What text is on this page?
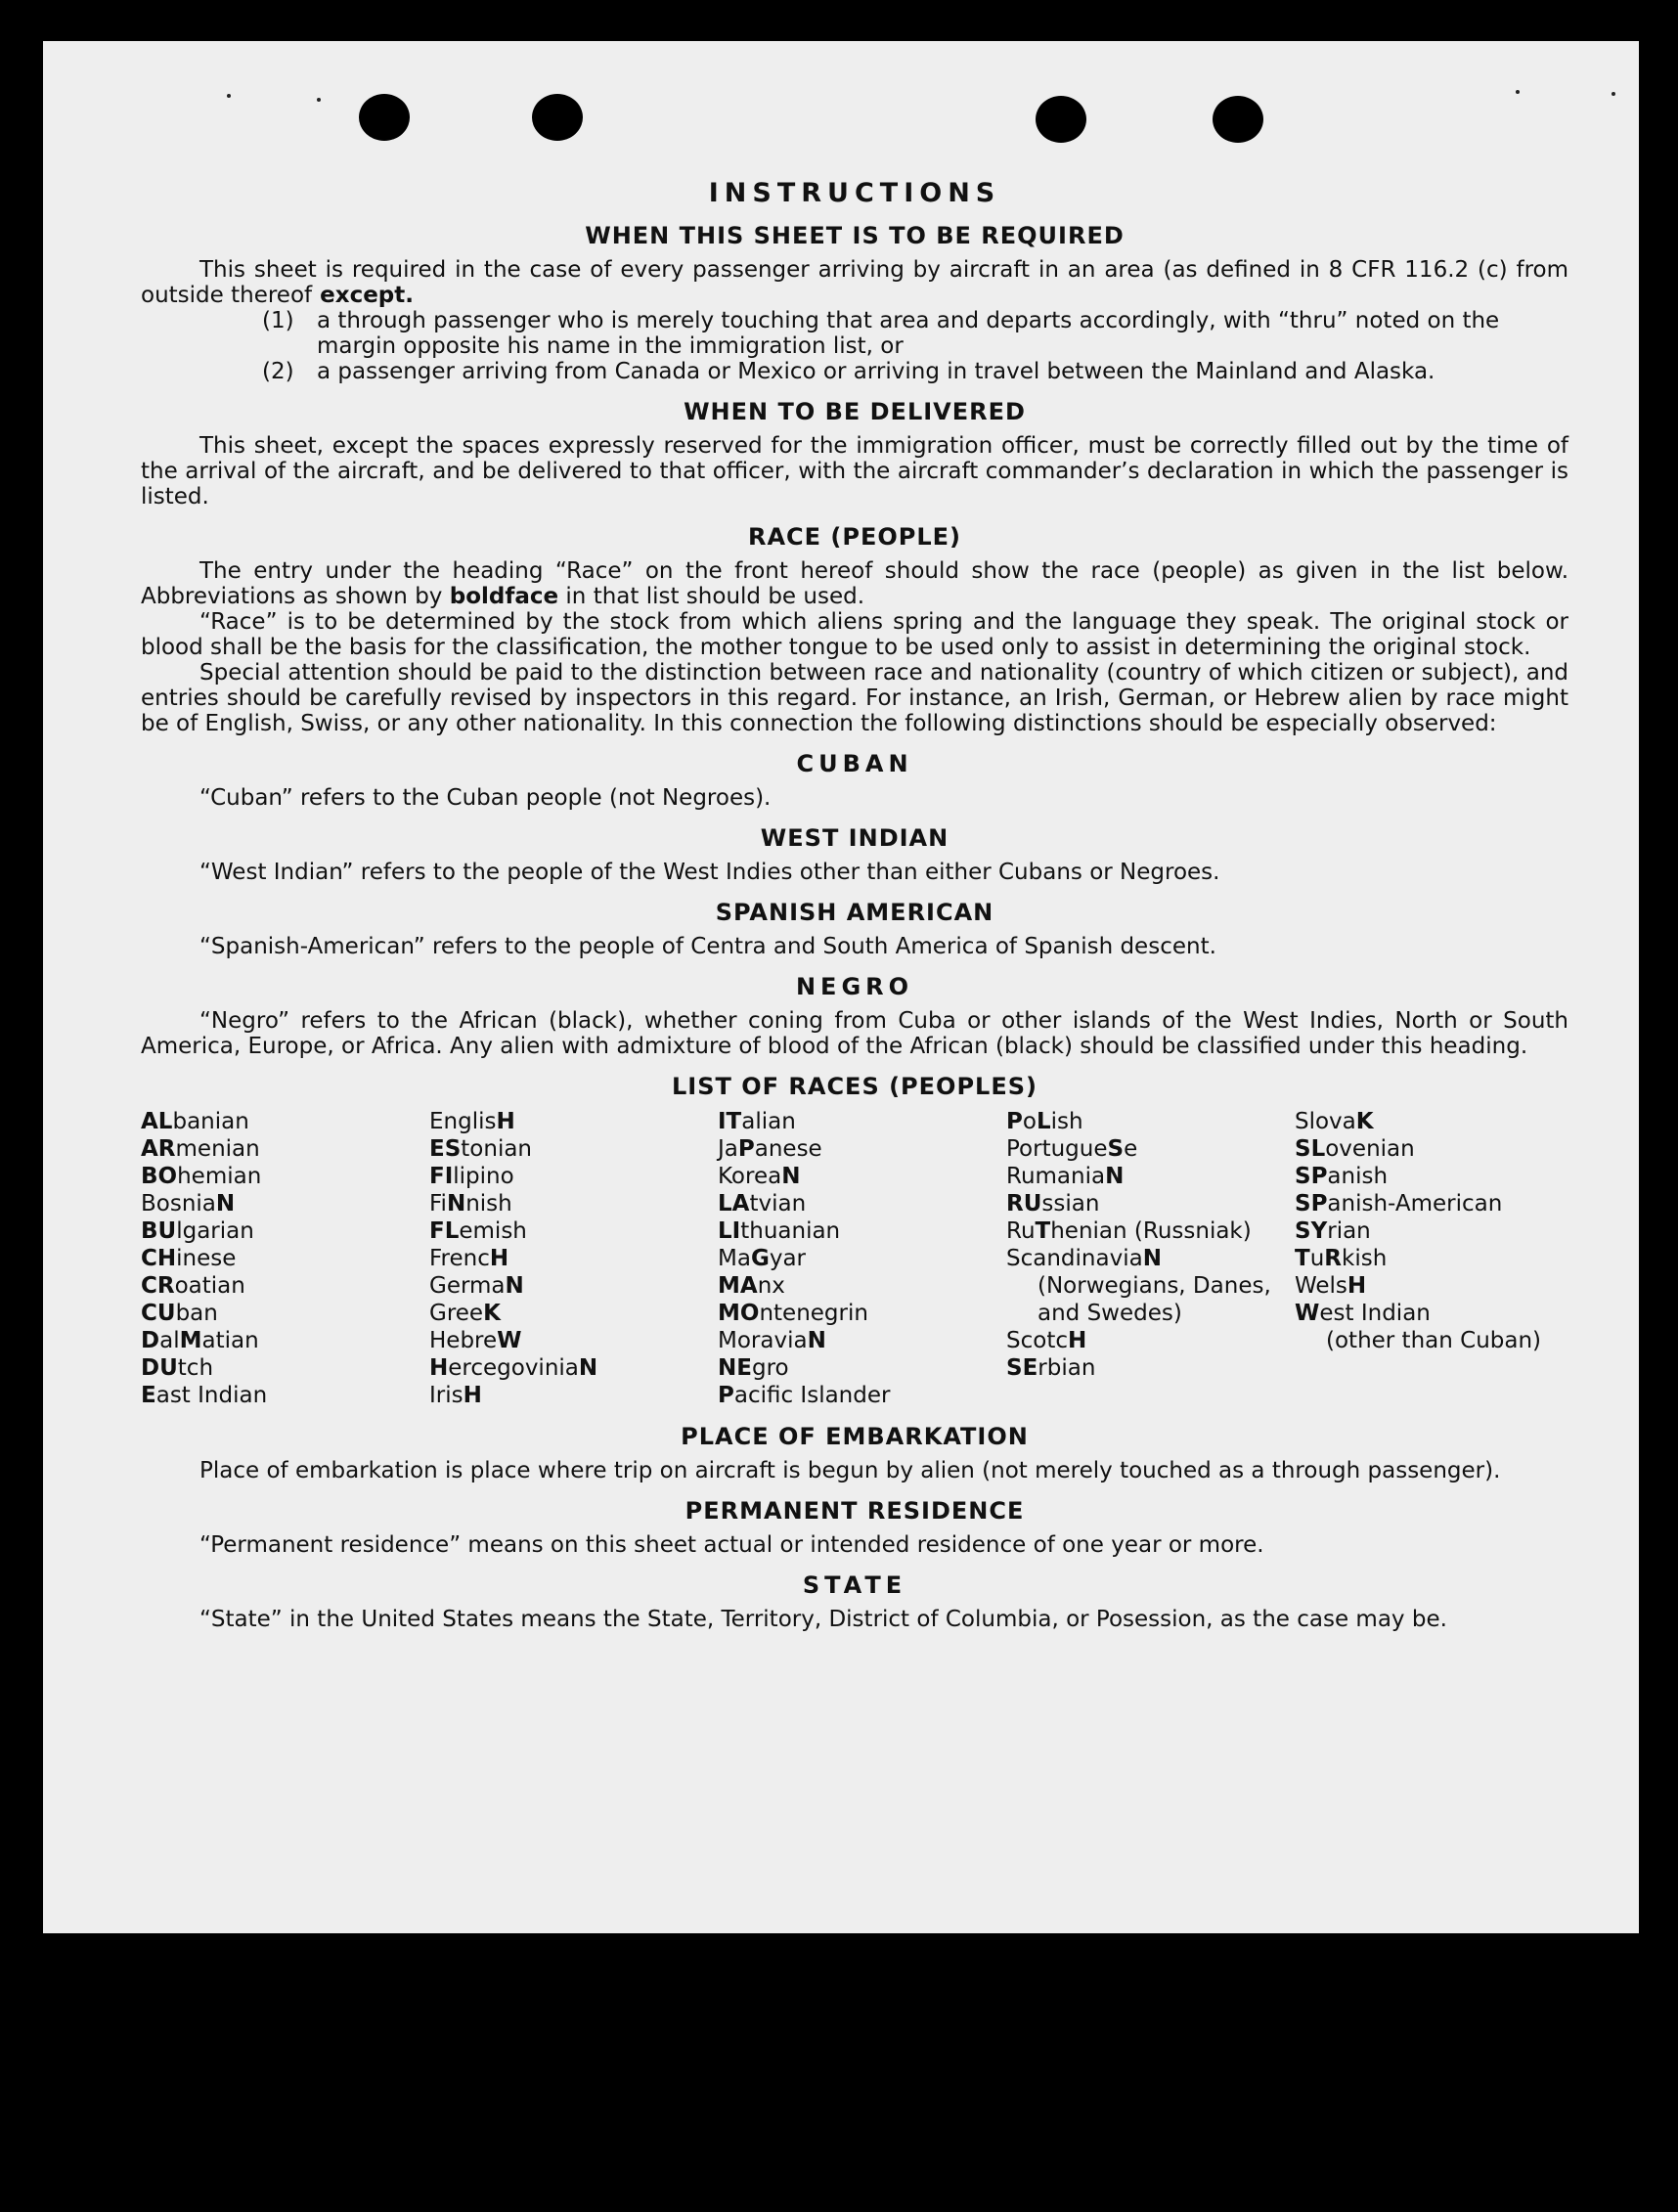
INSTRUCTIONS
WHEN THIS SHEET IS TO BE REQUIRED

This sheet is required in the case of every passenger arriving by aircraft in an area (as defined in 8 CFR 116.2 (c) from outside thereof except.

(1)	a through passenger who is merely touching that area and departs accordingly, with “thru” noted on the margin opposite his name in the immigration list, or
(2)	a passenger arriving from Canada or Mexico or arriving in travel between the Mainland and Alaska.
WHEN TO BE DELIVERED

This sheet, except the spaces expressly reserved for the immigration officer, must be correctly filled out by the time of the arrival of the aircraft, and be delivered to that officer, with the aircraft commander’s declaration in which the passenger is listed.

RACE (PEOPLE)

The entry under the heading “Race” on the front hereof should show the race (people) as given in the list below. Abbreviations as shown by boldface in that list should be used.

“Race” is to be determined by the stock from which aliens spring and the language they speak. The original stock or blood shall be the basis for the classification, the mother tongue to be used only to assist in determining the original stock.

Special attention should be paid to the distinction between race and nationality (country of which citizen or subject), and entries should be carefully revised by inspectors in this regard. For instance, an Irish, German, or Hebrew alien by race might be of English, Swiss, or any other nationality. In this connection the following distinctions should be especially observed:

CUBAN

“Cuban” refers to the Cuban people (not Negroes).

WEST INDIAN

“West Indian” refers to the people of the West Indies other than either Cubans or Negroes.

SPANISH AMERICAN

“Spanish-American” refers to the people of Centra and South America of Spanish descent.

NEGRO

“Negro” refers to the African (black), whether coning from Cuba or other islands of the West Indies, North or South America, Europe, or Africa. Any alien with admixture of blood of the African (black) should be classified under this heading.

LIST OF RACES (PEOPLES)
ALbanian
ARmenian
BOhemian
BosniaN
BUlgarian
CHinese
CRoatian
CUban
DalMatian
DUtch
East Indian
EnglisH
EStonian
FIlipino
FiNnish
FLemish
FrencH
GermaN
GreeK
HebreW
HercegoviniaN
IrisH
ITalian
JaPanese
KoreaN
LAtvian
LIthuanian
MaGyar
MAnx
MOntenegrin
MoraviaN
NEgro
Pacific Islander
PoLish
PortugueSe
RumaniaN
RUssian
RuThenian (Russniak)
ScandinaviaN
(Norwegians, Danes, and Swedes)
ScotcH
SErbian
SlovaK
SLovenian
SPanish
SPanish-American
SYrian
TuRkish
WelsH
West Indian
(other than Cuban)
PLACE OF EMBARKATION

Place of embarkation is place where trip on aircraft is begun by alien (not merely touched as a through passenger).

PERMANENT RESIDENCE

“Permanent residence” means on this sheet actual or intended residence of one year or more.

STATE

“State” in the United States means the State, Territory, District of Columbia, or Posession, as the case may be.
